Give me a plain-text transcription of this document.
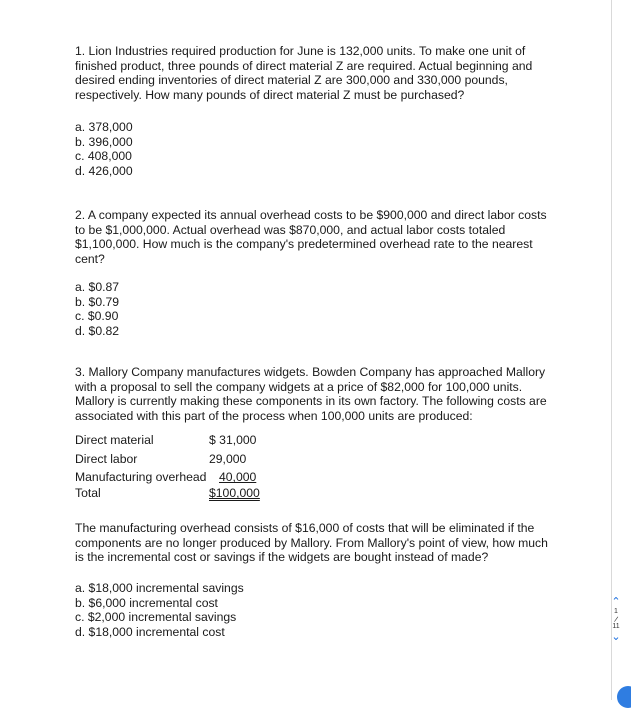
1. Lion Industries required production for June is 132,000 units. To make one unit of finished product, three pounds of direct material Z are required. Actual beginning and desired ending inventories of direct material Z are 300,000 and 330,000 pounds, respectively. How many pounds of direct material Z must be purchased?

a. 378,000
b. 396,000
c. 408,000
d. 426,000

2. A company expected its annual overhead costs to be $900,000 and direct labor costs to be $1,000,000. Actual overhead was $870,000, and actual labor costs totaled $1,100,000. How much is the company's predetermined overhead rate to the nearest cent?

a. $0.87
b. $0.79
c. $0.90
d. $0.82

3. Mallory Company manufactures widgets. Bowden Company has approached Mallory with a proposal to sell the company widgets at a price of $82,000 for 100,000 units. Mallory is currently making these components in its own factory. The following costs are associated with this part of the process when 100,000 units are produced:

Direct material	$ 31,000
Direct labor	29,000
Manufacturing overhead	40,000
Total	$100,000

The manufacturing overhead consists of $16,000 of costs that will be eliminated if the components are no longer produced by Mallory. From Mallory's point of view, how much is the incremental cost or savings if the widgets are bought instead of made?

a. $18,000 incremental savings
b. $6,000 incremental cost
c. $2,000 incremental savings
d. $18,000 incremental cost
⌃
1
/
11
⌄
